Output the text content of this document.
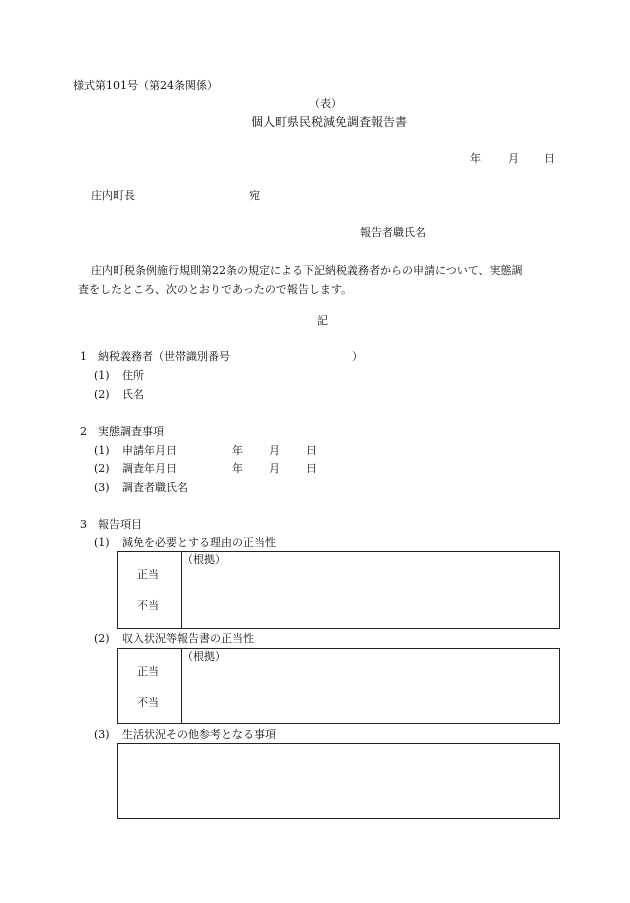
様式第101号（第24条関係）
（表）
個人町県民税減免調査報告書
年 月 日
庄内町長	宛
報告者職氏名
庄内町税条例施行規則第22条の規定による下記納税義務者からの申請について、実態調
査をしたところ、次のとおりであったので報告します。
記
1　納税義務者（世帯識別番号	）
(1) 住所
(2) 氏名
2　実態調査事項
(1) 申請年月日	年 月 日
(2) 調査年月日	年 月 日
(3) 調査者職氏名
3　報告項目
(1) 減免を必要とする理由の正当性
正当
不当
（根拠）
(2) 収入状況等報告書の正当性
正当
不当
（根拠）
(3) 生活状況その他参考となる事項
